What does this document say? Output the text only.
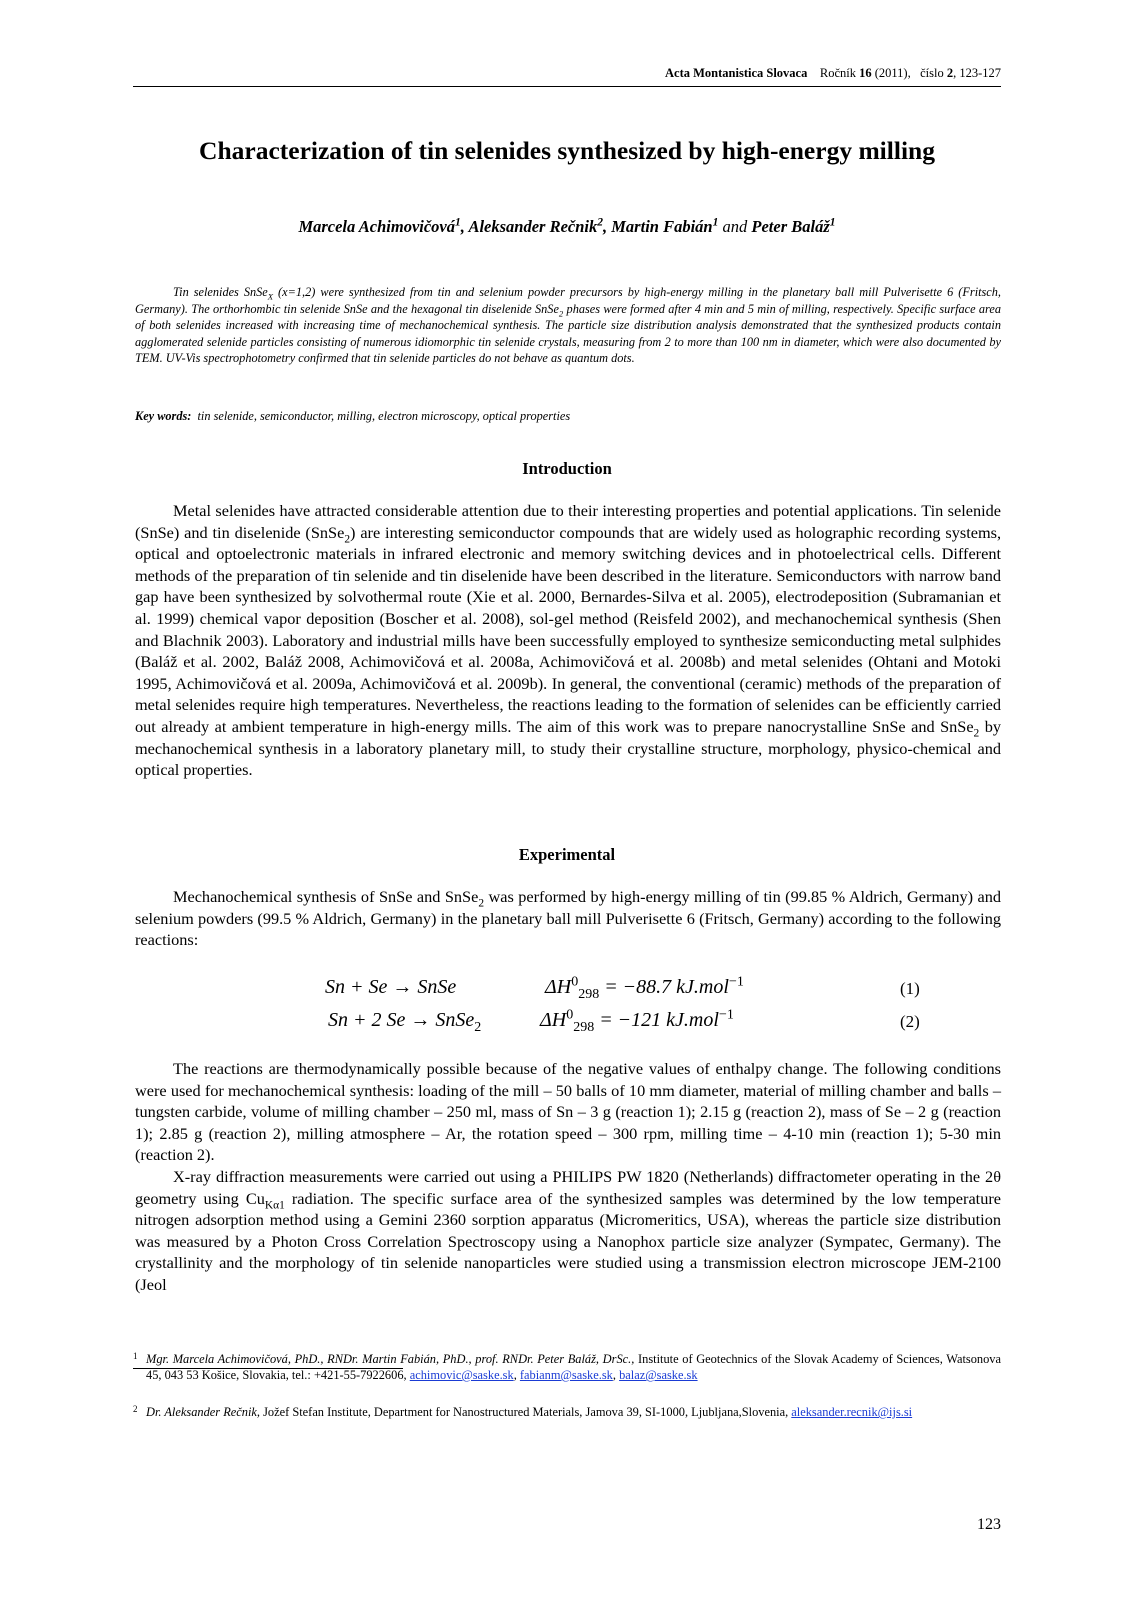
Acta Montanistica Slovaca Ročník 16 (2011), číslo 2, 123-127
Characterization of tin selenides synthesized by high-energy milling
Marcela Achimovičová$^1$, Aleksander Rečnik$^2$, Martin Fabián$^1$ and Peter Baláž$^1$
Tin selenides SnSe$_X$ (x=1,2) were synthesized from tin and selenium powder precursors by high-energy milling in the planetary ball mill Pulverisette 6 (Fritsch, Germany). The orthorhombic tin selenide SnSe and the hexagonal tin diselenide SnSe$_2$ phases were formed after 4 min and 5 min of milling, respectively. Specific surface area of both selenides increased with increasing time of mechanochemical synthesis. The particle size distribution analysis demonstrated that the synthesized products contain agglomerated selenide particles consisting of numerous idiomorphic tin selenide crystals, measuring from 2 to more than 100 nm in diameter, which were also documented by TEM. UV-Vis spectrophotometry confirmed that tin selenide particles do not behave as quantum dots.
Key words: tin selenide, semiconductor, milling, electron microscopy, optical properties
Introduction
Metal selenides have attracted considerable attention due to their interesting properties and potential applications. Tin selenide (SnSe) and tin diselenide (SnSe$_2$) are interesting semiconductor compounds that are widely used as holographic recording systems, optical and optoelectronic materials in infrared electronic and memory switching devices and in photoelectrical cells. Different methods of the preparation of tin selenide and tin diselenide have been described in the literature. Semiconductors with narrow band gap have been synthesized by solvothermal route (Xie et al. 2000, Bernardes-Silva et al. 2005), electrodeposition (Subramanian et al. 1999) chemical vapor deposition (Boscher et al. 2008), sol-gel method (Reisfeld 2002), and mechanochemical synthesis (Shen and Blachnik 2003). Laboratory and industrial mills have been successfully employed to synthesize semiconducting metal sulphides (Baláž et al. 2002, Baláž 2008, Achimovičová et al. 2008a, Achimovičová et al. 2008b) and metal selenides (Ohtani and Motoki 1995, Achimovičová et al. 2009a, Achimovičová et al. 2009b). In general, the conventional (ceramic) methods of the preparation of metal selenides require high temperatures. Nevertheless, the reactions leading to the formation of selenides can be efficiently carried out already at ambient temperature in high-energy mills. The aim of this work was to prepare nanocrystalline SnSe and SnSe$_2$ by mechanochemical synthesis in a laboratory planetary mill, to study their crystalline structure, morphology, physico-chemical and optical properties.
Experimental
Mechanochemical synthesis of SnSe and SnSe$_2$ was performed by high-energy milling of tin (99.85 % Aldrich, Germany) and selenium powders (99.5 % Aldrich, Germany) in the planetary ball mill Pulverisette 6 (Fritsch, Germany) according to the following reactions:
Sn + Se → SnSe	$\Delta H^0_{298} = -88.7$ kJ.mol$^{-1}$	(1)
Sn + 2 Se → SnSe$_2$	$\Delta H^0_{298} = -121$ kJ.mol$^{-1}$	(2)

The reactions are thermodynamically possible because of the negative values of enthalpy change. The following conditions were used for mechanochemical synthesis: loading of the mill – 50 balls of 10 mm diameter, material of milling chamber and balls – tungsten carbide, volume of milling chamber – 250 ml, mass of Sn – 3 g (reaction 1); 2.15 g (reaction 2), mass of Se – 2 g (reaction 1); 2.85 g (reaction 2), milling atmosphere – Ar, the rotation speed – 300 rpm, milling time – 4-10 min (reaction 1); 5-30 min (reaction 2).

X-ray diffraction measurements were carried out using a PHILIPS PW 1820 (Netherlands) diffractometer operating in the 2θ geometry using $Cu_{K\alpha 1}$ radiation. The specific surface area of the synthesized samples was determined by the low temperature nitrogen adsorption method using a Gemini 2360 sorption apparatus (Micromeritics, USA), whereas the particle size distribution was measured by a Photon Cross Correlation Spectroscopy using a Nanophox particle size analyzer (Sympatec, Germany). The crystallinity and the morphology of tin selenide nanoparticles were studied using a transmission electron microscope JEM-2100 (Jeol

1 Mgr. Marcela Achimovičová, PhD., RNDr. Martin Fabián, PhD., prof. RNDr. Peter Baláž, DrSc., Institute of Geotechnics of the Slovak Academy of Sciences, Watsonova 45, 043 53 Košice, Slovakia, tel.: +421-55-7922606, achimovic@saske.sk, fabianm@saske.sk, balaz@saske.sk
2 Dr. Aleksander Rečnik, Jožef Stefan Institute, Department for Nanostructured Materials, Jamova 39, SI-1000, Ljubljana,Slovenia, aleksander.recnik@ijs.si
123
